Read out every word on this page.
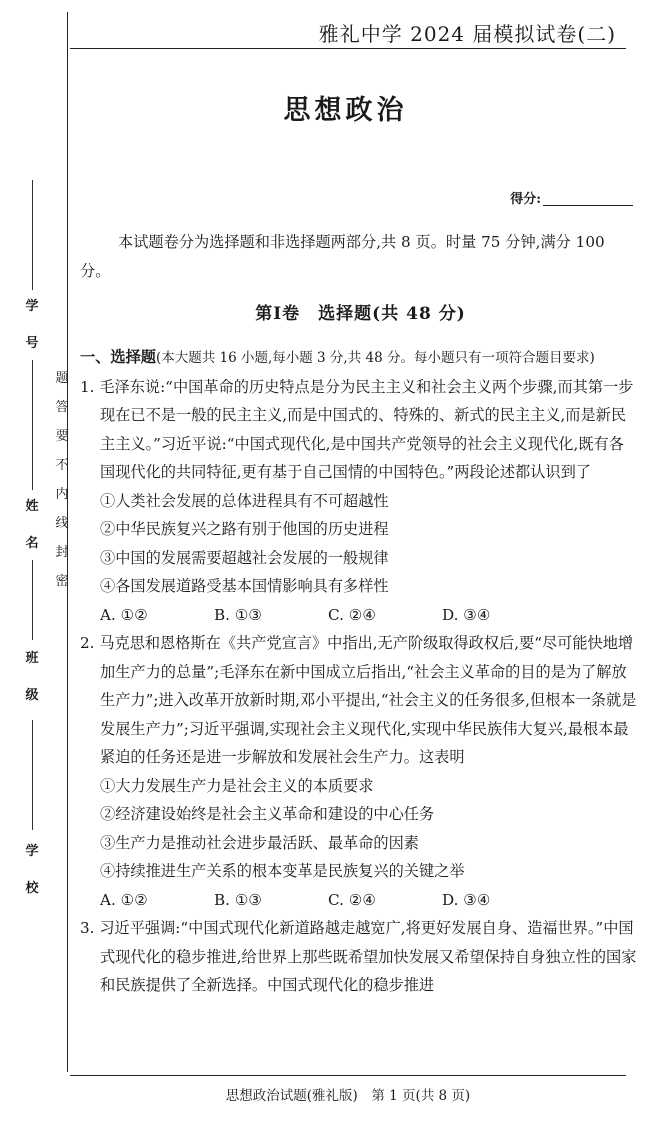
学
号
姓
名
班
级
学
校
题
答
要
不
内
线
封
密
雅礼中学 2024 届模拟试卷(二)
思想政治
得分:
本试题卷分为选择题和非选择题两部分,共 8 页。时量 75 分钟,满分 100 分。
第Ⅰ卷 选择题(共 48 分)
一、选择题(本大题共 16 小题,每小题 3 分,共 48 分。每小题只有一项符合题目要求)
1. 毛泽东说:“中国革命的历史特点是分为民主主义和社会主义两个步骤,而其第一步现在已不是一般的民主主义,而是中国式的、特殊的、新式的民主主义,而是新民主主义。”习近平说:“中国式现代化,是中国共产党领导的社会主义现代化,既有各国现代化的共同特征,更有基于自己国情的中国特色。”两段论述都认识到了
①人类社会发展的总体进程具有不可超越性
②中华民族复兴之路有别于他国的历史进程
③中国的发展需要超越社会发展的一般规律
④各国发展道路受基本国情影响具有多样性
A. ①②	B. ①③	C. ②④	D. ③④
2. 马克思和恩格斯在《共产党宣言》中指出,无产阶级取得政权后,要“尽可能快地增加生产力的总量”;毛泽东在新中国成立后指出,“社会主义革命的目的是为了解放生产力”;进入改革开放新时期,邓小平提出,“社会主义的任务很多,但根本一条就是发展生产力”;习近平强调,实现社会主义现代化,实现中华民族伟大复兴,最根本最紧迫的任务还是进一步解放和发展社会生产力。这表明
①大力发展生产力是社会主义的本质要求
②经济建设始终是社会主义革命和建设的中心任务
③生产力是推动社会进步最活跃、最革命的因素
④持续推进生产关系的根本变革是民族复兴的关键之举
A. ①②	B. ①③	C. ②④	D. ③④
3. 习近平强调:“中国式现代化新道路越走越宽广,将更好发展自身、造福世界。”中国式现代化的稳步推进,给世界上那些既希望加快发展又希望保持自身独立性的国家和民族提供了全新选择。中国式现代化的稳步推进
思想政治试题(雅礼版)　第 1 页(共 8 页)
